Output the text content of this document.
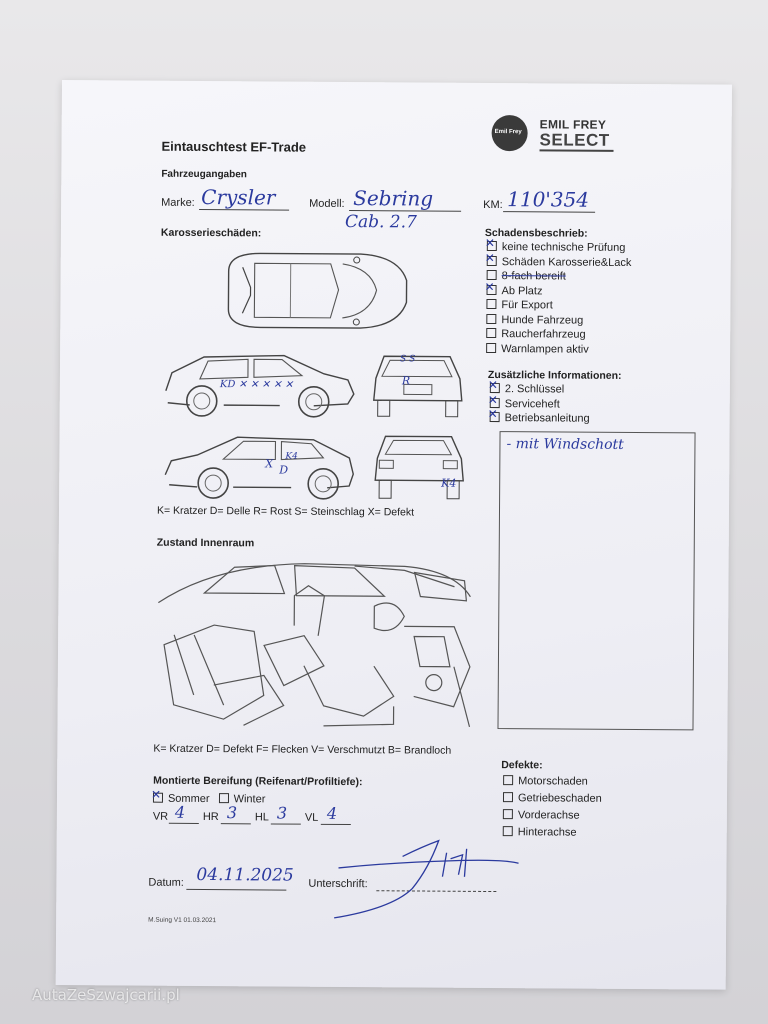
Eintauschtest EF-Trade
Emil Frey
EMIL FREY
SELECT
Fahrzeugangaben
Marke: Crysler	Modell: Sebring
Cab. 2.7
KM: 110'354
Karosserieschäden:
KD ✕ ✕ ✕ ✕ ✕
S S
R
X D
K4
K4
K= Kratzer D= Delle R= Rost S= Steinschlag X= Defekt
Schadensbeschrieb:
✕keine technische Prüfung
✕Schäden Karosserie&Lack
8-fach bereift
✕Ab Platz
Für Export
Hunde Fahrzeug
Raucherfahrzeug
Warnlampen aktiv
Zusätzliche Informationen:
✕2. Schlüssel
✕Serviceheft
✕Betriebsanleitung
- mit Windschott
Zustand Innenraum
K= Kratzer D= Defekt F= Flecken V= Verschmutzt B= Brandloch
Montierte Bereifung (Reifenart/Profiltiefe):
✕Sommer Winter
VR 4 HR 3 HL 3 VL 4
Defekte:
Motorschaden
Getriebeschaden
Vorderachse
Hinterachse
Datum: 04.11.2025 Unterschrift:
M.Suing V1 01.03.2021
AutaZeSzwajcarii.pl
